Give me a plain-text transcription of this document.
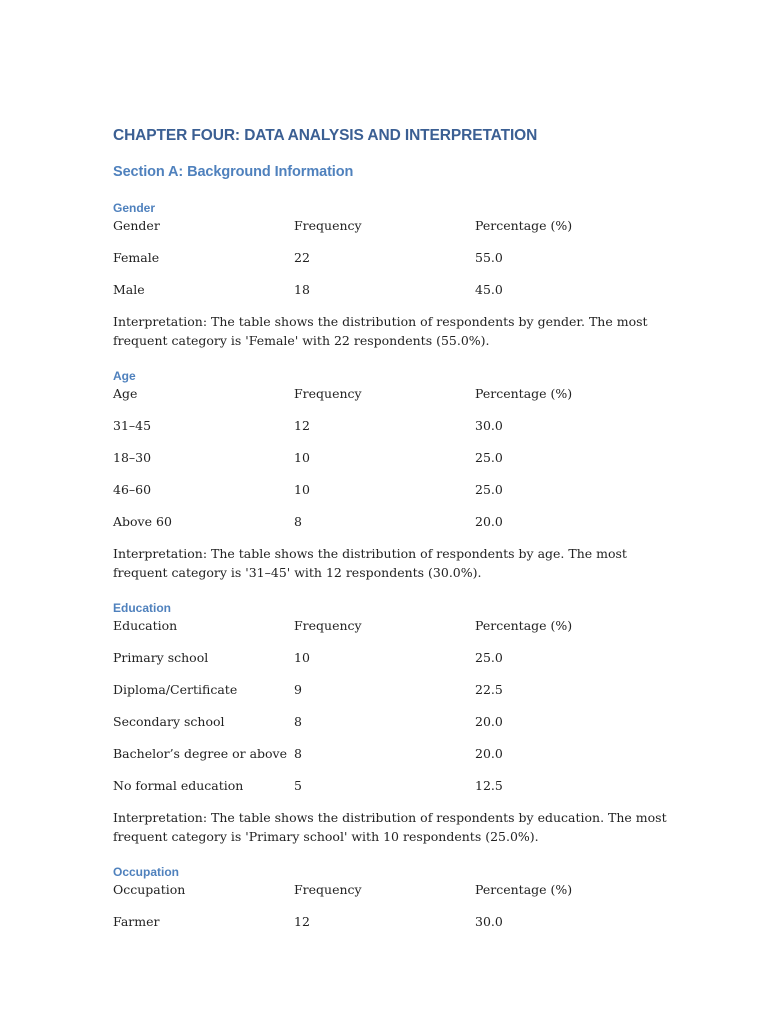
CHAPTER FOUR: DATA ANALYSIS AND INTERPRETATION
Section A: Background Information
Gender
Gender	Frequency	Percentage (%)
Female	22	55.0
Male	18	45.0

Interpretation: The table shows the distribution of respondents by gender. The most frequent category is 'Female' with 22 respondents (55.0%).

Age
Age	Frequency	Percentage (%)
31–45	12	30.0
18–30	10	25.0
46–60	10	25.0
Above 60	8	20.0

Interpretation: The table shows the distribution of respondents by age. The most frequent category is '31–45' with 12 respondents (30.0%).

Education
Education	Frequency	Percentage (%)
Primary school	10	25.0
Diploma/Certificate	9	22.5
Secondary school	8	20.0
Bachelor’s degree or above 8	20.0
No formal education	5	12.5

Interpretation: The table shows the distribution of respondents by education. The most frequent category is 'Primary school' with 10 respondents (25.0%).

Occupation
Occupation	Frequency	Percentage (%)
Farmer	12	30.0
